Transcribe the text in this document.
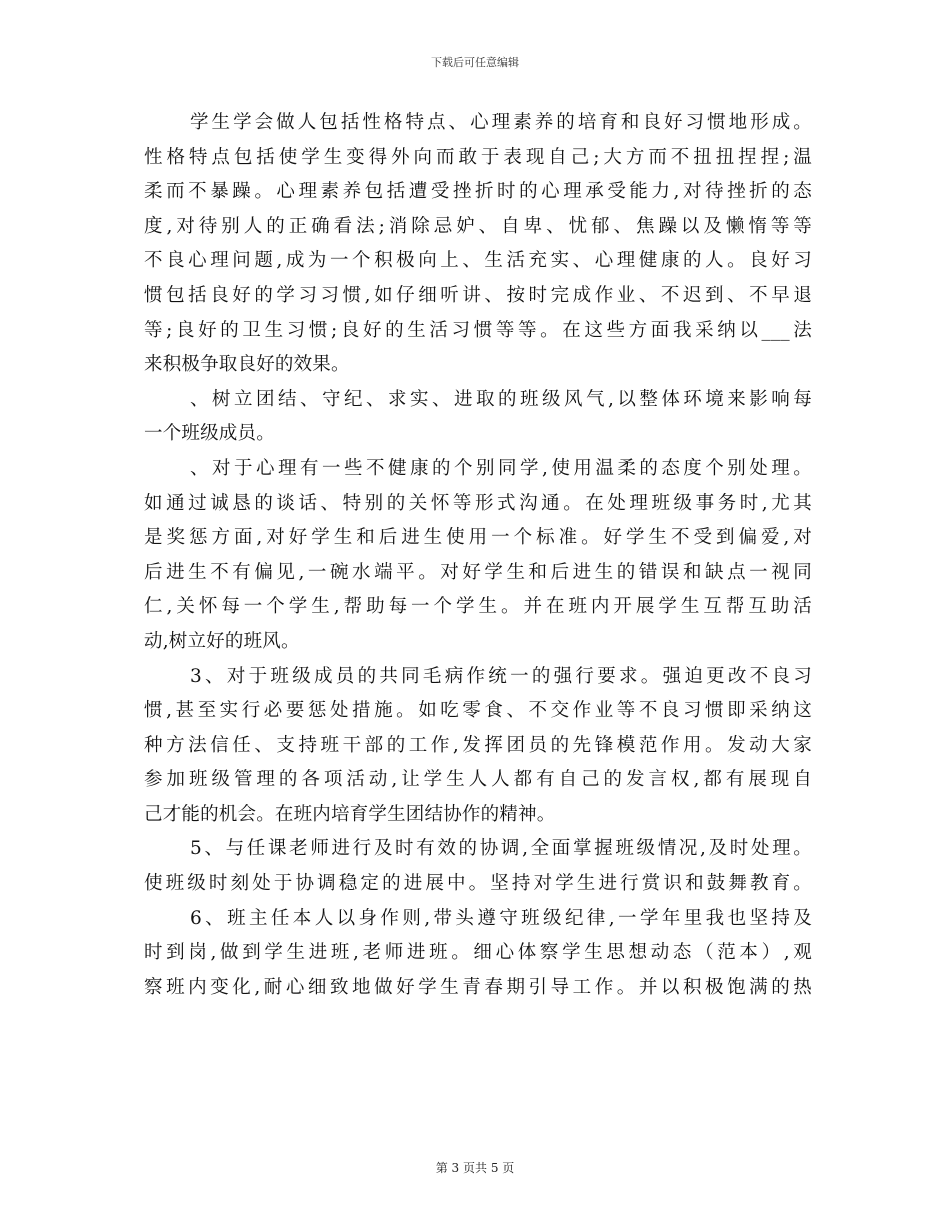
下载后可任意编辑
学生学会做人包括性格特点、心理素养的培育和良好习惯地形成。
性格特点包括使学生变得外向而敢于表现自己;大方而不扭扭捏捏;温
柔而不暴躁。心理素养包括遭受挫折时的心理承受能力,对待挫折的态
度,对待别人的正确看法;消除忌妒、自卑、忧郁、焦躁以及懒惰等等
不良心理问题,成为一个积极向上、生活充实、心理健康的人。良好习
惯包括良好的学习习惯,如仔细听讲、按时完成作业、不迟到、不早退
等;良好的卫生习惯;良好的生活习惯等等。在这些方面我采纳以___法
来积极争取良好的效果。
、树立团结、守纪、求实、进取的班级风气,以整体环境来影响每
一个班级成员。
、对于心理有一些不健康的个别同学,使用温柔的态度个别处理。
如通过诚恳的谈话、特别的关怀等形式沟通。在处理班级事务时,尤其
是奖惩方面,对好学生和后进生使用一个标准。好学生不受到偏爱,对
后进生不有偏见,一碗水端平。对好学生和后进生的错误和缺点一视同
仁,关怀每一个学生,帮助每一个学生。并在班内开展学生互帮互助活
动,树立好的班风。
3、对于班级成员的共同毛病作统一的强行要求。强迫更改不良习
惯,甚至实行必要惩处措施。如吃零食、不交作业等不良习惯即采纳这
种方法信任、支持班干部的工作,发挥团员的先锋模范作用。发动大家
参加班级管理的各项活动,让学生人人都有自己的发言权,都有展现自
己才能的机会。在班内培育学生团结协作的精神。
5、与任课老师进行及时有效的协调,全面掌握班级情况,及时处理。
使班级时刻处于协调稳定的进展中。坚持对学生进行赏识和鼓舞教育。
6、班主任本人以身作则,带头遵守班级纪律,一学年里我也坚持及
时到岗,做到学生进班,老师进班。细心体察学生思想动态（范本）,观
察班内变化,耐心细致地做好学生青春期引导工作。并以积极饱满的热
第 3 页共 5 页
